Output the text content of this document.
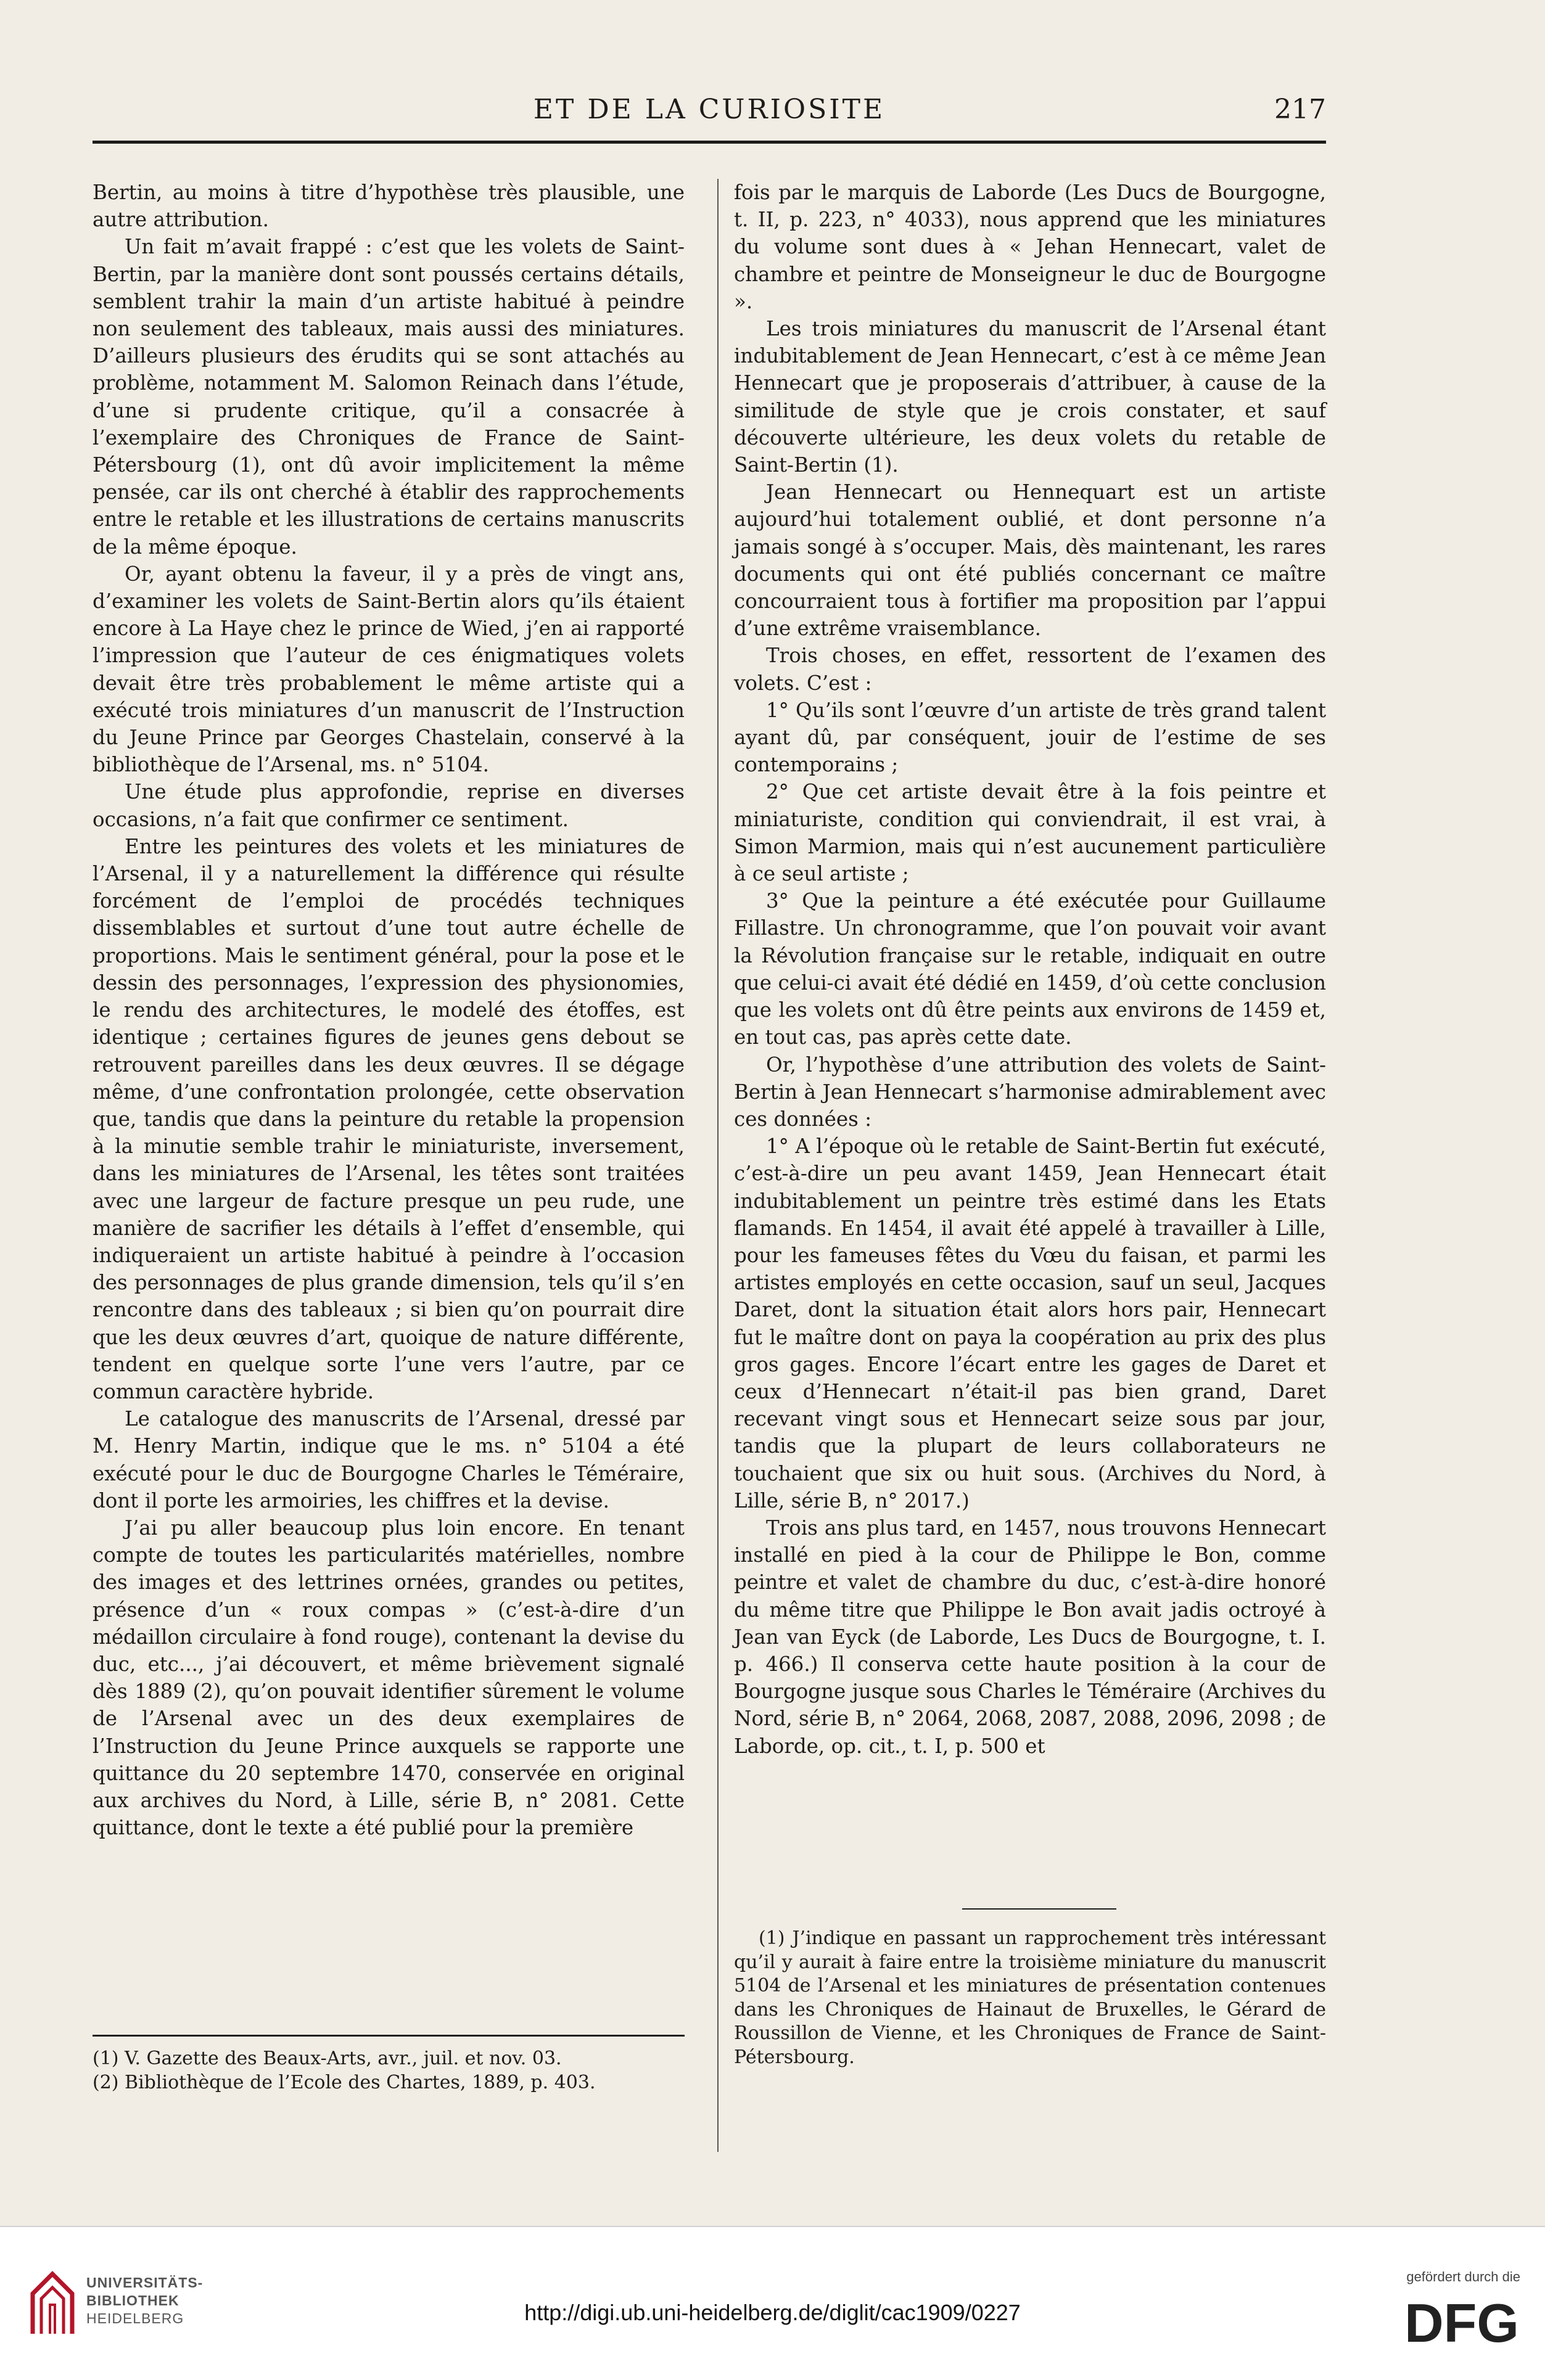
ET DE LA CURIOSITE	217

Bertin, au moins à titre d’hypothèse très plausible, une autre attribution.

Un fait m’avait frappé : c’est que les volets de Saint-Bertin, par la manière dont sont poussés certains détails, semblent trahir la main d’un artiste habitué à peindre non seulement des tableaux, mais aussi des miniatures. D’ailleurs plusieurs des érudits qui se sont attachés au problème, notamment M. Salomon Reinach dans l’étude, d’une si prudente critique, qu’il a consacrée à l’exemplaire des Chroniques de France de Saint-Pétersbourg (1), ont dû avoir implicitement la même pensée, car ils ont cherché à établir des rapprochements entre le retable et les illustrations de certains manuscrits de la même époque.

Or, ayant obtenu la faveur, il y a près de vingt ans, d’examiner les volets de Saint-Bertin alors qu’ils étaient encore à La Haye chez le prince de Wied, j’en ai rapporté l’impression que l’auteur de ces énigmatiques volets devait être très probablement le même artiste qui a exécuté trois miniatures d’un manuscrit de l’Instruction du Jeune Prince par Georges Chastelain, conservé à la bibliothèque de l’Arsenal, ms. n° 5104.

Une étude plus approfondie, reprise en diverses occasions, n’a fait que confirmer ce sentiment.

Entre les peintures des volets et les miniatures de l’Arsenal, il y a naturellement la différence qui résulte forcément de l’emploi de procédés techniques dissemblables et surtout d’une tout autre échelle de proportions. Mais le sentiment général, pour la pose et le dessin des personnages, l’expression des physionomies, le rendu des architectures, le modelé des étoffes, est identique ; certaines figures de jeunes gens debout se retrouvent pareilles dans les deux œuvres. Il se dégage même, d’une confrontation prolongée, cette observation que, tandis que dans la peinture du retable la propension à la minutie semble trahir le miniaturiste, inversement, dans les miniatures de l’Arsenal, les têtes sont traitées avec une largeur de facture presque un peu rude, une manière de sacrifier les détails à l’effet d’ensemble, qui indiqueraient un artiste habitué à peindre à l’occasion des personnages de plus grande dimension, tels qu’il s’en rencontre dans des tableaux ; si bien qu’on pourrait dire que les deux œuvres d’art, quoique de nature différente, tendent en quelque sorte l’une vers l’autre, par ce commun caractère hybride.

Le catalogue des manuscrits de l’Arsenal, dressé par M. Henry Martin, indique que le ms. n° 5104 a été exécuté pour le duc de Bourgogne Charles le Téméraire, dont il porte les armoiries, les chiffres et la devise.

J’ai pu aller beaucoup plus loin encore. En tenant compte de toutes les particularités matérielles, nombre des images et des lettrines ornées, grandes ou petites, présence d’un « roux compas » (c’est-à-dire d’un médaillon circulaire à fond rouge), contenant la devise du duc, etc..., j’ai découvert, et même brièvement signalé dès 1889 (2), qu’on pouvait identifier sûrement le volume de l’Arsenal avec un des deux exemplaires de l’Instruction du Jeune Prince auxquels se rapporte une quittance du 20 septembre 1470, conservée en original aux archives du Nord, à Lille, série B, n° 2081. Cette quittance, dont le texte a été publié pour la première

fois par le marquis de Laborde (Les Ducs de Bourgogne, t. II, p. 223, n° 4033), nous apprend que les miniatures du volume sont dues à « Jehan Hennecart, valet de chambre et peintre de Monseigneur le duc de Bourgogne ».

Les trois miniatures du manuscrit de l’Arsenal étant indubitablement de Jean Hennecart, c’est à ce même Jean Hennecart que je proposerais d’attribuer, à cause de la similitude de style que je crois constater, et sauf découverte ultérieure, les deux volets du retable de Saint-Bertin (1).

Jean Hennecart ou Hennequart est un artiste aujourd’hui totalement oublié, et dont personne n’a jamais songé à s’occuper. Mais, dès maintenant, les rares documents qui ont été publiés concernant ce maître concourraient tous à fortifier ma proposition par l’appui d’une extrême vraisemblance.

Trois choses, en effet, ressortent de l’examen des volets. C’est :

1° Qu’ils sont l’œuvre d’un artiste de très grand talent ayant dû, par conséquent, jouir de l’estime de ses contemporains ;

2° Que cet artiste devait être à la fois peintre et miniaturiste, condition qui conviendrait, il est vrai, à Simon Marmion, mais qui n’est aucunement particulière à ce seul artiste ;

3° Que la peinture a été exécutée pour Guillaume Fillastre. Un chronogramme, que l’on pouvait voir avant la Révolution française sur le retable, indiquait en outre que celui-ci avait été dédié en 1459, d’où cette conclusion que les volets ont dû être peints aux environs de 1459 et, en tout cas, pas après cette date.

Or, l’hypothèse d’une attribution des volets de Saint-Bertin à Jean Hennecart s’harmonise admirablement avec ces données :

1° A l’époque où le retable de Saint-Bertin fut exécuté, c’est-à-dire un peu avant 1459, Jean Hennecart était indubitablement un peintre très estimé dans les Etats flamands. En 1454, il avait été appelé à travailler à Lille, pour les fameuses fêtes du Vœu du faisan, et parmi les artistes employés en cette occasion, sauf un seul, Jacques Daret, dont la situation était alors hors pair, Hennecart fut le maître dont on paya la coopération au prix des plus gros gages. Encore l’écart entre les gages de Daret et ceux d’Hennecart n’était-il pas bien grand, Daret recevant vingt sous et Hennecart seize sous par jour, tandis que la plupart de leurs collaborateurs ne touchaient que six ou huit sous. (Archives du Nord, à Lille, série B, n° 2017.)

Trois ans plus tard, en 1457, nous trouvons Hennecart installé en pied à la cour de Philippe le Bon, comme peintre et valet de chambre du duc, c’est-à-dire honoré du même titre que Philippe le Bon avait jadis octroyé à Jean van Eyck (de Laborde, Les Ducs de Bourgogne, t. I. p. 466.) Il conserva cette haute position à la cour de Bourgogne jusque sous Charles le Téméraire (Archives du Nord, série B, n° 2064, 2068, 2087, 2088, 2096, 2098 ; de Laborde, op. cit., t. I, p. 500 et

(1) V. Gazette des Beaux-Arts, avr., juil. et nov. 03.

(2) Bibliothèque de l’Ecole des Chartes, 1889, p. 403.

(1) J’indique en passant un rapprochement très intéressant qu’il y aurait à faire entre la troisième miniature du manuscrit 5104 de l’Arsenal et les miniatures de présentation contenues dans les Chroniques de Hainaut de Bruxelles, le Gérard de Roussillon de Vienne, et les Chroniques de France de Saint-Pétersbourg.

UNIVERSITÄTS-
BIBLIOTHEK
HEIDELBERG	http://digi.ub.uni-heidelberg.de/diglit/cac1909/0227
gefördert durch die
DFG
